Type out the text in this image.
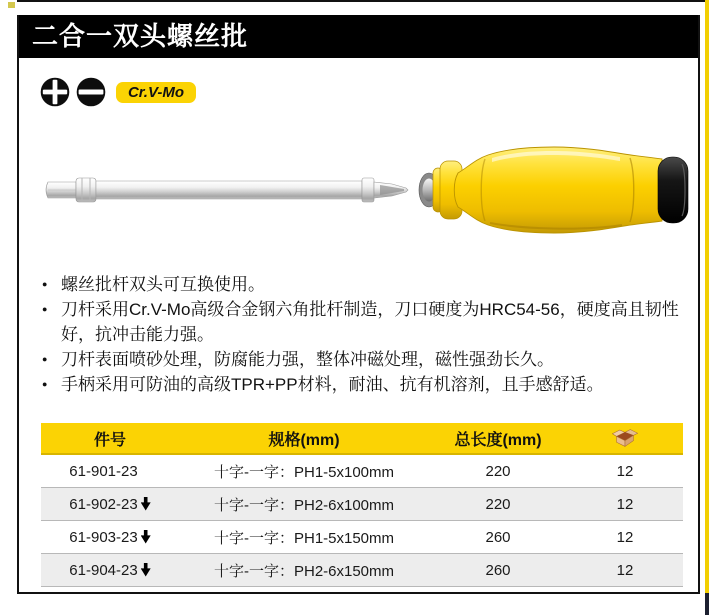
二合一双头螺丝批
Cr.V-Mo
● 螺丝批杆双头可互换使用。
● 刀杆采用Cr.V-Mo高级合金钢六角批杆制造，刀口硬度为HRC54-56，硬度高且韧性好，抗冲击能力强。
● 刀杆表面喷砂处理，防腐能力强，整体冲磁处理，磁性强劲长久。
● 手柄采用可防油的高级TPR+PP材料，耐油、抗有机溶剂，且手感舒适。
件号	规格(mm)	总长度(mm)	
61-901-23	十字-一字：PH1-5x100mm	220	12
61-902-23	十字-一字：PH2-6x100mm	220	12
61-903-23	十字-一字：PH1-5x150mm	260	12
61-904-23	十字-一字：PH2-6x150mm	260	12
